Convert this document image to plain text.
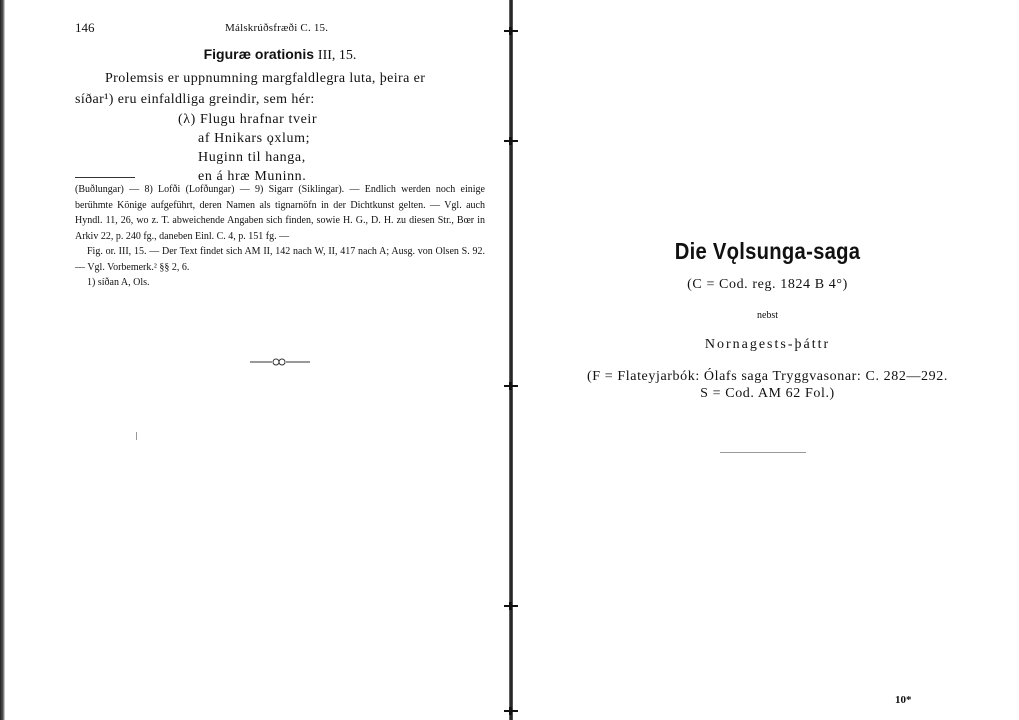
146	Málskrúðsfræði C. 15.
Figuræ orationis III, 15.
Prolemsis er uppnumning margfaldlegra luta, þeira er
síðar¹) eru einfaldliga greindir, sem hér:
(λ) Flugu hrafnar tveir
af Hnikars ǫxlum;
Huginn til hanga,
en á hræ Muninn.

(Buðlungar) — 8) Lofði (Lofðungar) — 9) Sigarr (Siklingar). — Endlich werden noch einige berühmte Könige aufgeführt, deren Namen als tignarnöfn in der Dichtkunst gelten. — Vgl. auch Hyndl. 11, 26, wo z. T. abweichende Angaben sich finden, sowie H. G., D. H. zu diesen Str., Bœr in Arkiv 22, p. 240 fg., daneben Einl. C. 4, p. 151 fg. —

Fig. or. III, 15. — Der Text findet sich AM II, 142 nach W, II, 417 nach A; Ausg. von Olsen S. 92. — Vgl. Vorbemerk.² §§ 2, 6.

1) síðan A, Ols.

Die Vǫlsunga-saga
(C = Cod. reg. 1824 B 4°)
nebst
Nornagests-þáttr
(F = Flateyjarbók: Ólafs saga Tryggvasonar: C. 282—292.
S = Cod. AM 62 Fol.)
10*
